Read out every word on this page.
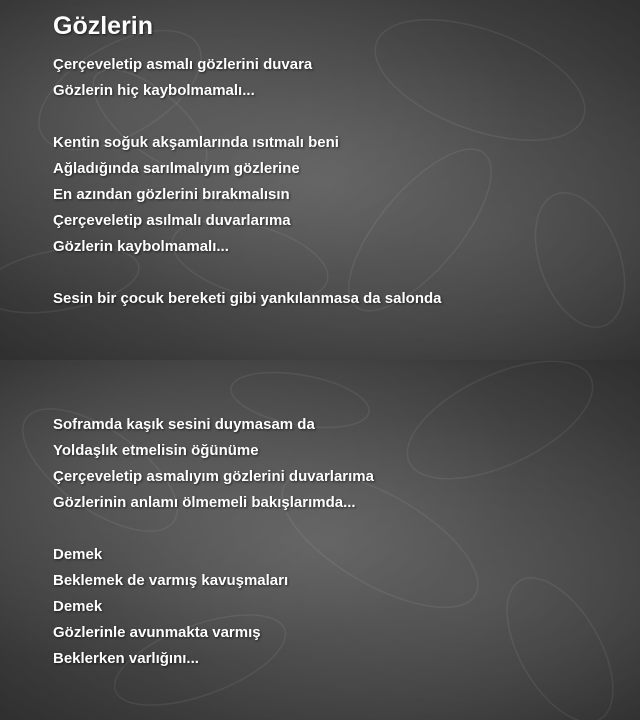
Gözlerin

Çerçeveletip asmalı gözlerini duvara

Gözlerin hiç kaybolmamalı...

Kentin soğuk akşamlarında ısıtmalı beni

Ağladığında sarılmalıyım gözlerine

En azından gözlerini bırakmalısın

Çerçeveletip asılmalı duvarlarıma

Gözlerin kaybolmamalı...

Sesin bir çocuk bereketi gibi yankılanmasa da salonda

Soframda kaşık sesini duymasam da

Yoldaşlık etmelisin öğünüme

Çerçeveletip asmalıyım gözlerini duvarlarıma

Gözlerinin anlamı ölmemeli bakışlarımda...

Demek

Beklemek de varmış kavuşmaları

Demek

Gözlerinle avunmakta varmış

Beklerken varlığını...
